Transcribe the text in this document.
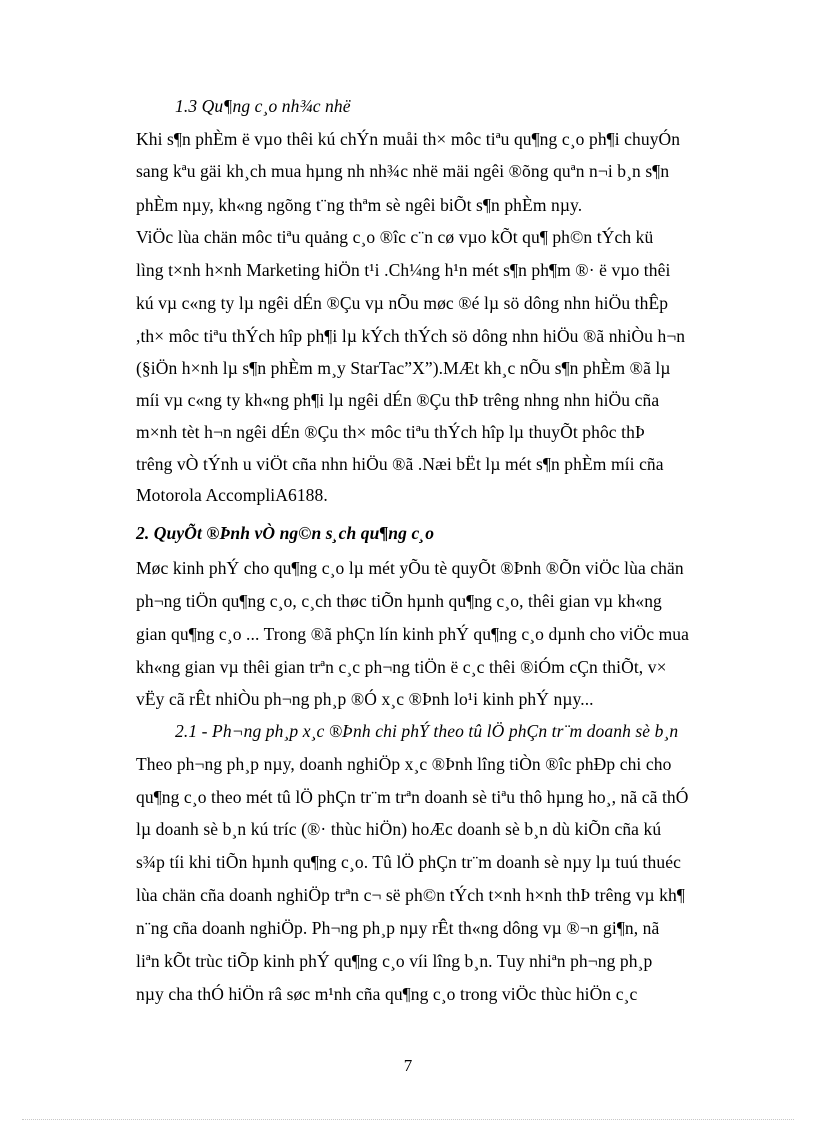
1.3 Qu¶ng c¸o nh¾c nhë
Khi s¶n phÈm ë vµo thêi kú chÝn muåi th× môc tiªu qu¶ng c¸o ph¶i chuyÓn
sang kªu gäi kh¸ch mua hµng nh nh¾c nhë mäi ngêi ®õng quªn n¬i b¸n s¶n
phÈm nµy, kh«ng ngõng t¨ng thªm sè ngêi biÕt s¶n phÈm nµy.
ViÖc lùa chän môc tiªu quảng c¸o ®îc c¨n cø vµo kÕt qu¶ ph©n tÝch kü
lìng t×nh h×nh Marketing hiÖn t¹i .Ch¼ng h¹n mét s¶n ph¶m ®· ë vµo thêi
kú vµ c«ng ty lµ ngêi dÉn ®Çu vµ nÕu møc ®é lµ sö dông nhn hiÖu thÊp
,th× môc tiªu thÝch hîp ph¶i lµ kÝch thÝch sö dông nhn hiÖu ®ã nhiÒu h¬n
(§iÖn h×nh lµ s¶n phÈm m¸y StarTac”X”).MÆt kh¸c nÕu s¶n phÈm ®ã lµ
míi vµ c«ng ty kh«ng ph¶i lµ ngêi dÉn ®Çu thÞ trêng nhng nhn hiÖu cña
m×nh tèt h¬n ngêi dÉn ®Çu th× môc tiªu thÝch hîp lµ thuyÕt phôc thÞ
trêng vÒ tÝnh u viÖt cña nhn hiÖu ®ã .Næi bËt lµ mét s¶n phÈm míi cña
Motorola AccompliA6188.
2. QuyÕt ®Þnh vÒ ng©n s¸ch qu¶ng c¸o
Møc kinh phÝ cho qu¶ng c¸o lµ mét yÕu tè quyÕt ®Þnh ®Õn viÖc lùa chän
ph¬ng tiÖn qu¶ng c¸o, c¸ch thøc tiÕn hµnh qu¶ng c¸o, thêi gian vµ kh«ng
gian qu¶ng c¸o ... Trong ®ã phÇn lín kinh phÝ qu¶ng c¸o dµnh cho viÖc mua
kh«ng gian vµ thêi gian trªn c¸c ph¬ng tiÖn ë c¸c thêi ®iÓm cÇn thiÕt, v×
vËy cã rÊt nhiÒu ph¬ng ph¸p ®Ó x¸c ®Þnh lo¹i kinh phÝ nµy...
2.1 - Ph¬ng ph¸p x¸c ®Þnh chi phÝ theo tû lÖ phÇn tr¨m doanh sè b¸n
Theo ph¬ng ph¸p nµy, doanh nghiÖp x¸c ®Þnh lîng tiÒn ®îc phÐp chi cho
qu¶ng c¸o theo mét tû lÖ phÇn tr¨m trªn doanh sè tiªu thô hµng ho¸, nã cã thÓ
lµ doanh sè b¸n kú tríc (®· thùc hiÖn) hoÆc doanh sè b¸n dù kiÕn cña kú
s¾p tíi khi tiÕn hµnh qu¶ng c¸o. Tû lÖ phÇn tr¨m doanh sè nµy lµ tuú thuéc
lùa chän cña doanh nghiÖp trªn c¬ së ph©n tÝch t×nh h×nh thÞ trêng vµ kh¶
n¨ng cña doanh nghiÖp. Ph¬ng ph¸p nµy rÊt th«ng dông vµ ®¬n gi¶n, nã
liªn kÕt trùc tiÕp kinh phÝ qu¶ng c¸o víi lîng b¸n. Tuy nhiªn ph¬ng ph¸p
nµy cha thÓ hiÖn râ søc m¹nh cña qu¶ng c¸o trong viÖc thùc hiÖn c¸c
7
